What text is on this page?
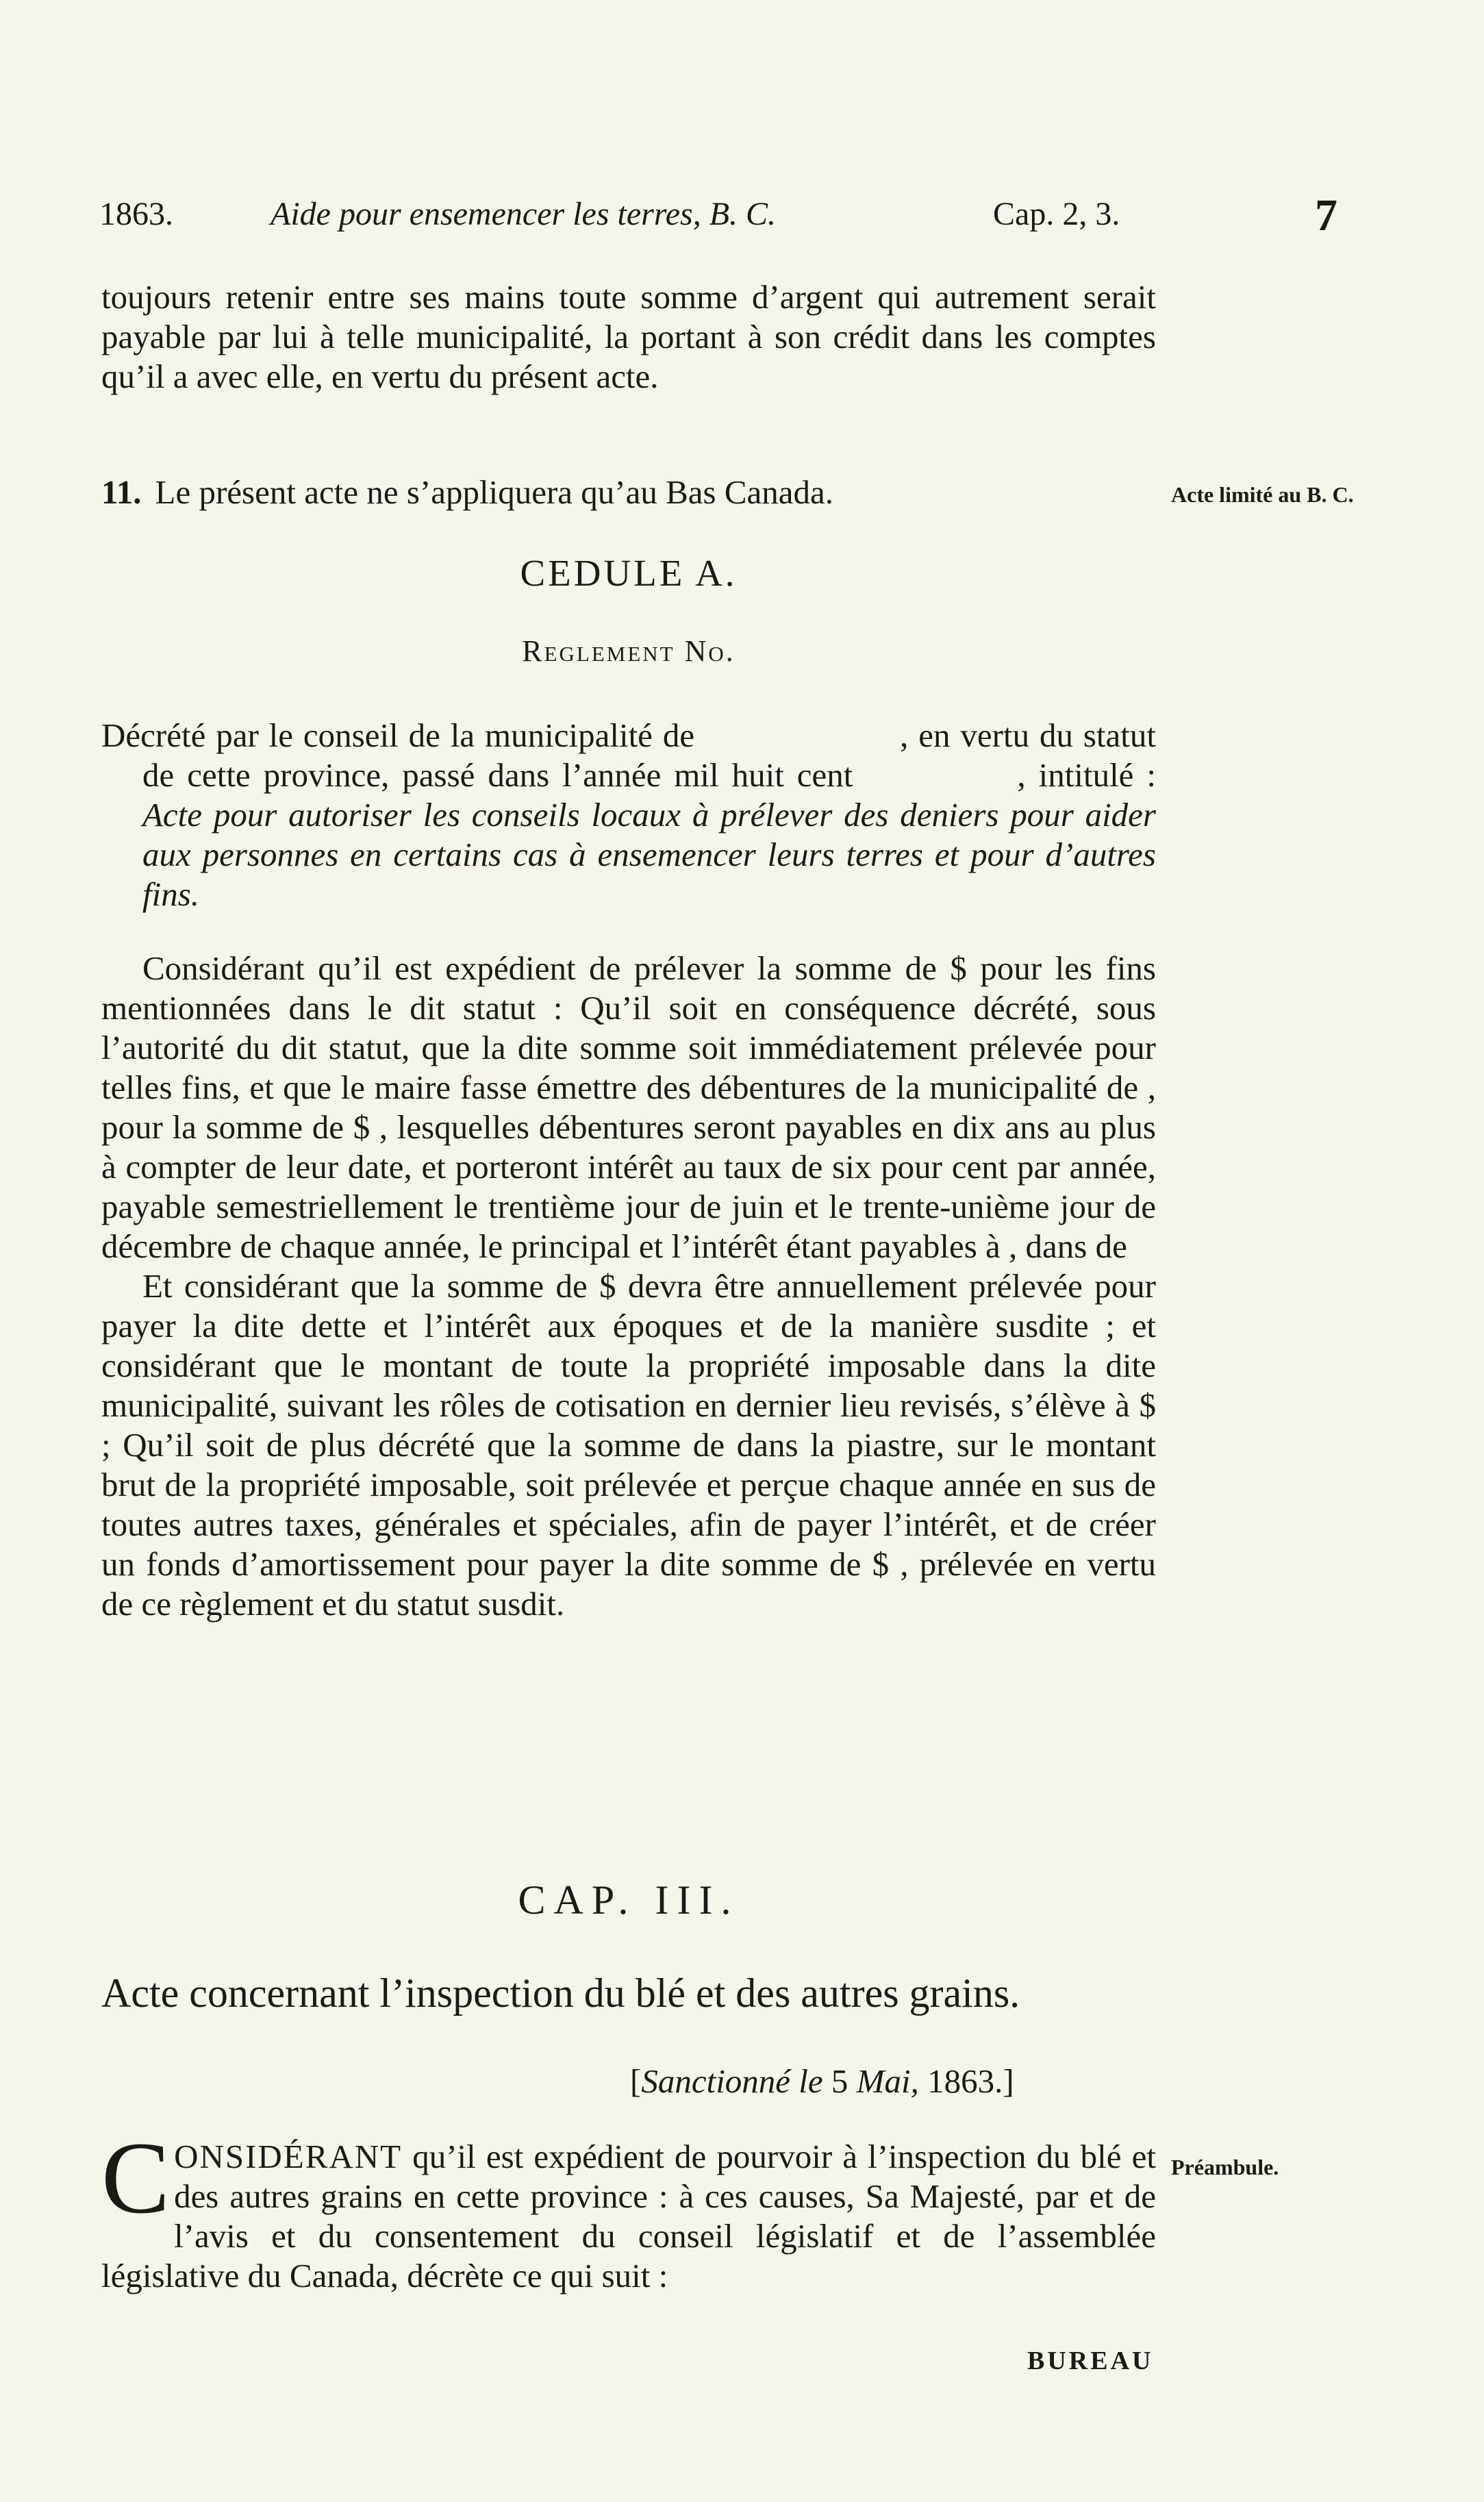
1863.	Aide pour ensemencer les terres, B. C.	Cap. 2, 3.	7
toujours retenir entre ses mains toute somme d’argent qui autrement serait payable par lui à telle municipalité, la portant à son crédit dans les comptes qu’il a avec elle, en vertu du présent acte.
11. Le présent acte ne s’appliquera qu’au Bas Canada.	Acte limité au B. C.
CEDULE A.
Reglement No.

Décrété par le conseil de la municipalité de	, en vertu du statut de cette province, passé dans l’année mil huit cent	, intitulé : Acte pour autoriser les conseils locaux à prélever des deniers pour aider aux personnes en certains cas à ensemencer leurs terres et pour d’autres fins.

Considérant qu’il est expédient de prélever la somme de $ pour les fins mentionnées dans le dit statut : Qu’il soit en conséquence décrété, sous l’autorité du dit statut, que la dite somme soit immédiatement prélevée pour telles fins, et que le maire fasse émettre des débentures de la municipalité de , pour la somme de $ , lesquelles débentures seront payables en dix ans au plus à compter de leur date, et porteront intérêt au taux de six pour cent par année, payable semestriellement le trentième jour de juin et le trente-unième jour de décembre de chaque année, le principal et l’intérêt étant payables à , dans de

Et considérant que la somme de $ devra être annuellement prélevée pour payer la dite dette et l’intérêt aux époques et de la manière susdite ; et considérant que le montant de toute la propriété imposable dans la dite municipalité, suivant les rôles de cotisation en dernier lieu revisés, s’élève à $ ; Qu’il soit de plus décrété que la somme de dans la piastre, sur le montant brut de la propriété imposable, soit prélevée et perçue chaque année en sus de toutes autres taxes, générales et spéciales, afin de payer l’intérêt, et de créer un fonds d’amortissement pour payer la dite somme de $ , prélevée en vertu de ce règlement et du statut susdit.

CAP. III.
Acte concernant l’inspection du blé et des autres grains.
[Sanctionné le 5 Mai, 1863.]
CONSIDÉRANT qu’il est expédient de pourvoir à l’inspection du blé et des autres grains en cette province : à ces causes, Sa Majesté, par et de l’avis et du consentement du conseil législatif et de l’assemblée législative du Canada, décrète ce qui suit :
Préambule.
BUREAU
